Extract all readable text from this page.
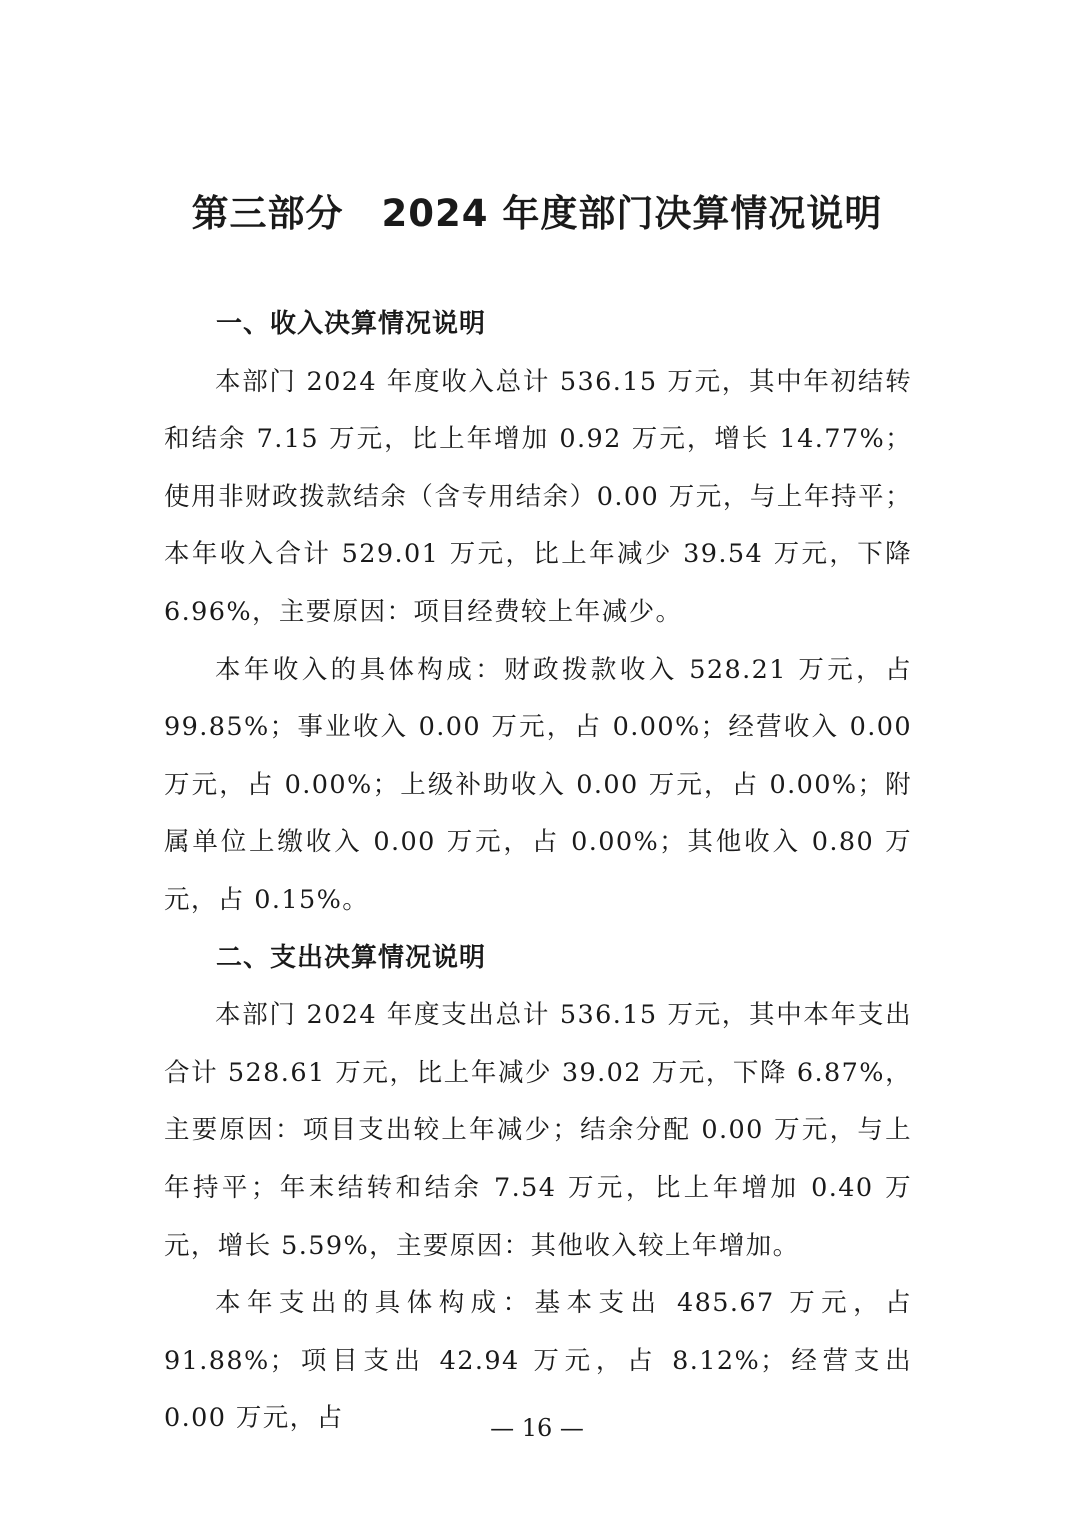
第三部分　2024 年度部门决算情况说明
一、收入决算情况说明

本部门 2024 年度收入总计 536.15 万元，其中年初结转和结余 7.15 万元，比上年增加 0.92 万元，增长 14.77%；使用非财政拨款结余（含专用结余）0.00 万元，与上年持平；本年收入合计 529.01 万元，比上年减少 39.54 万元，下降 6.96%，主要原因：项目经费较上年减少。

本年收入的具体构成：财政拨款收入 528.21 万元，占 99.85%；事业收入 0.00 万元，占 0.00%；经营收入 0.00 万元，占 0.00%；上级补助收入 0.00 万元，占 0.00%；附属单位上缴收入 0.00 万元，占 0.00%；其他收入 0.80 万元，占 0.15%。

二、支出决算情况说明

本部门 2024 年度支出总计 536.15 万元，其中本年支出合计 528.61 万元，比上年减少 39.02 万元，下降 6.87%，主要原因：项目支出较上年减少；结余分配 0.00 万元，与上年持平；年末结转和结余 7.54 万元，比上年增加 0.40 万元，增长 5.59%，主要原因：其他收入较上年增加。

本年支出的具体构成：基本支出 485.67 万元，占 91.88%；项目支出 42.94 万元，占 8.12%；经营支出 0.00 万元，占	— 16 —
